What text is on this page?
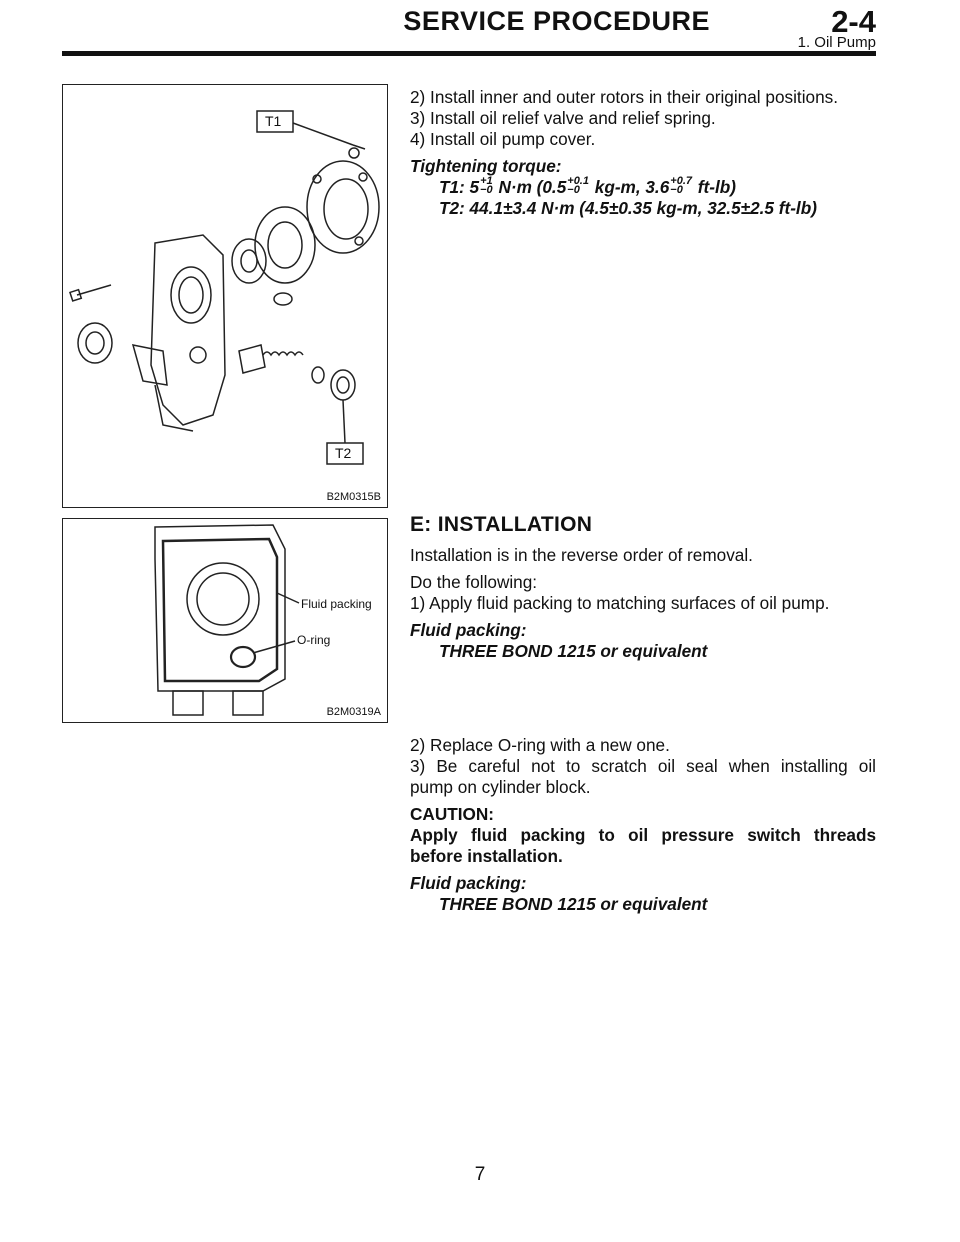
SERVICE PROCEDURE	2-4
1. Oil Pump
T1
T2
B2M0315B
Fluid packing
O-ring
B2M0319A

2) Install inner and outer rotors in their original positions.

3) Install oil relief valve and relief spring.

4) Install oil pump cover.

Tightening torque:

T1: 5 +1
−0 N·m (0.5 +0.1
−0 kg-m, 3.6 +0.7
−0 ft-lb)

T2: 44.1±3.4 N·m (4.5±0.35 kg-m, 32.5±2.5 ft-lb)

E: INSTALLATION

Installation is in the reverse order of removal.

Do the following:

1) Apply fluid packing to matching surfaces of oil pump.

Fluid packing:

THREE BOND 1215 or equivalent

2) Replace O-ring with a new one.

3) Be careful not to scratch oil seal when installing oil

pump on cylinder block.

CAUTION:

Apply fluid packing to oil pressure switch threads

before installation.

Fluid packing:

THREE BOND 1215 or equivalent

7
